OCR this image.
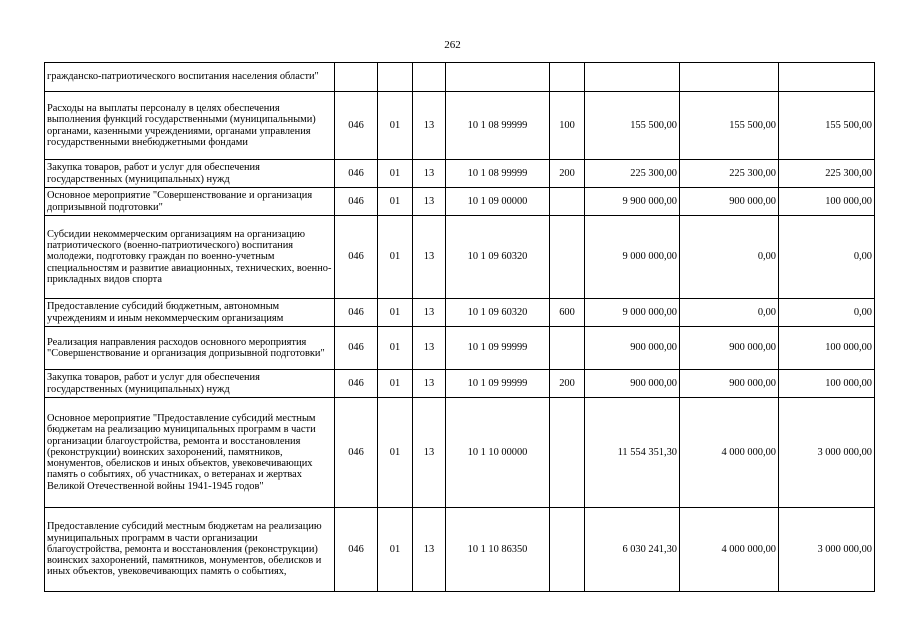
262
гражданско-патриотического воспитания населения области"								
Расходы на выплаты персоналу в целях обеспечения выполнения функций государственными (муниципальными) органами, казенными учреждениями, органами управления государственными внебюджетными фондами	046	01	13	10 1 08 99999	100	155 500,00	155 500,00	155 500,00
Закупка товаров, работ и услуг для обеспечения государственных (муниципальных) нужд	046	01	13	10 1 08 99999	200	225 300,00	225 300,00	225 300,00
Основное мероприятие "Совершенствование и организация допризывной подготовки"	046	01	13	10 1 09 00000		9 900 000,00	900 000,00	100 000,00
Субсидии некоммерческим организациям на организацию патриотического (военно-патриотического) воспитания молодежи, подготовку граждан по военно-учетным специальностям и развитие авиационных, технических, военно-прикладных видов спорта	046	01	13	10 1 09 60320		9 000 000,00	0,00	0,00
Предоставление субсидий бюджетным, автономным учреждениям и иным некоммерческим организациям	046	01	13	10 1 09 60320	600	9 000 000,00	0,00	0,00
Реализация направления расходов основного мероприятия "Совершенствование и организация допризывной подготовки"	046	01	13	10 1 09 99999		900 000,00	900 000,00	100 000,00
Закупка товаров, работ и услуг для обеспечения государственных (муниципальных) нужд	046	01	13	10 1 09 99999	200	900 000,00	900 000,00	100 000,00
Основное мероприятие "Предоставление субсидий местным бюджетам на реализацию муниципальных программ в части организации благоустройства, ремонта и восстановления (реконструкции) воинских захоронений, памятников, монументов, обелисков и иных объектов, увековечивающих память о событиях, об участниках, о ветеранах и жертвах Великой Отечественной войны 1941-1945 годов"	046	01	13	10 1 10 00000		11 554 351,30	4 000 000,00	3 000 000,00
Предоставление субсидий местным бюджетам на реализацию муниципальных программ в части организации благоустройства, ремонта и восстановления (реконструкции) воинских захоронений, памятников, монументов, обелисков и иных объектов, увековечивающих память о событиях,	046	01	13	10 1 10 86350		6 030 241,30	4 000 000,00	3 000 000,00
